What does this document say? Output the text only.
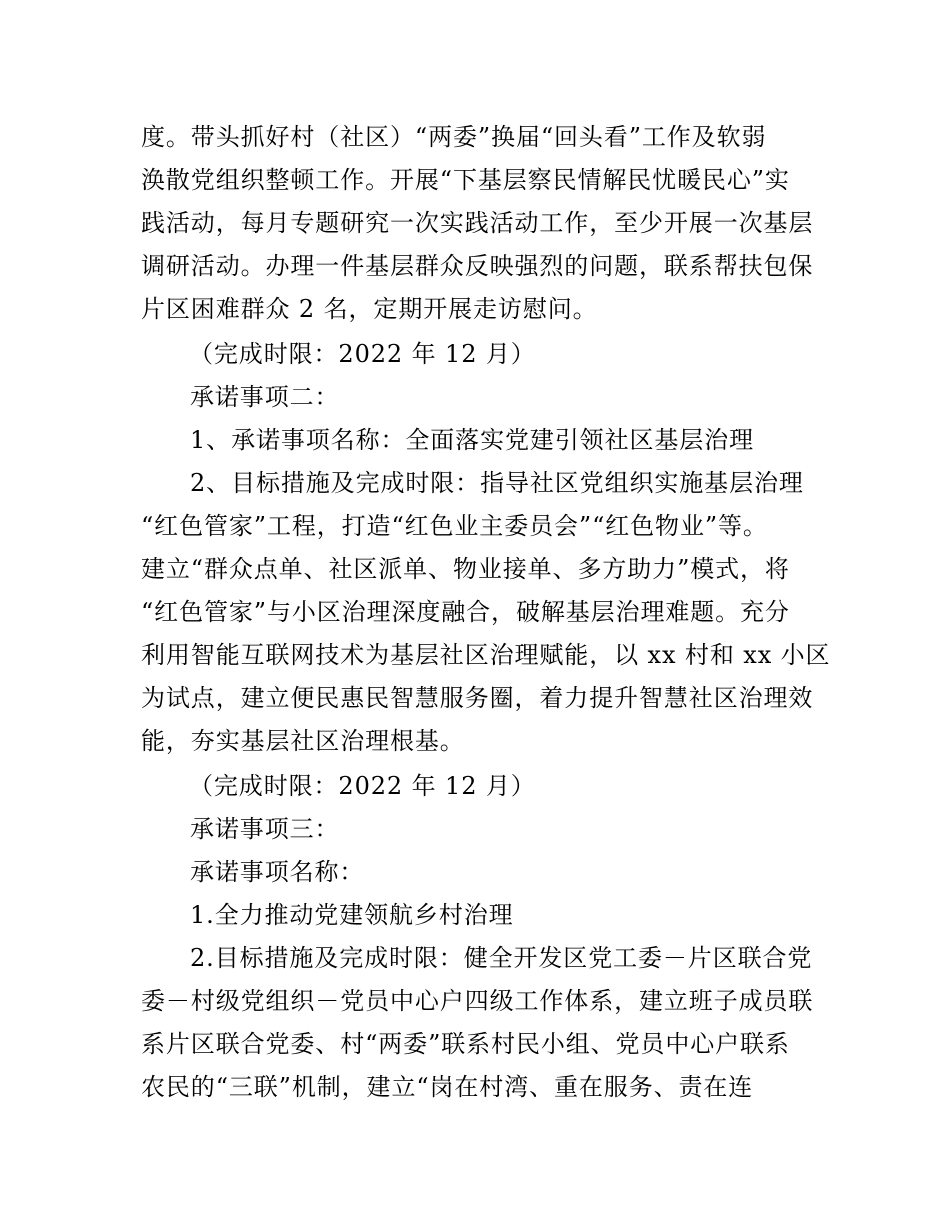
度。带头抓好村（社区）“两委”换届“回头看”工作及软弱
涣散党组织整顿工作。开展“下基层察民情解民忧暖民心”实
践活动，每月专题研究一次实践活动工作，至少开展一次基层
调研活动。办理一件基层群众反映强烈的问题，联系帮扶包保
片区困难群众 2 名，定期开展走访慰问。
（完成时限：2022 年 12 月）
承诺事项二：
1、承诺事项名称：全面落实党建引领社区基层治理
2、目标措施及完成时限：指导社区党组织实施基层治理
“红色管家”工程，打造“红色业主委员会”“红色物业”等。
建立“群众点单、社区派单、物业接单、多方助力”模式，将
“红色管家”与小区治理深度融合，破解基层治理难题。充分
利用智能互联网技术为基层社区治理赋能，以 xx 村和 xx 小区
为试点，建立便民惠民智慧服务圈，着力提升智慧社区治理效
能，夯实基层社区治理根基。
（完成时限：2022 年 12 月）
承诺事项三：
承诺事项名称：
1.全力推动党建领航乡村治理
2.目标措施及完成时限：健全开发区党工委－片区联合党
委－村级党组织－党员中心户四级工作体系，建立班子成员联
系片区联合党委、村“两委”联系村民小组、党员中心户联系
农民的“三联”机制，建立“岗在村湾、重在服务、责在连
